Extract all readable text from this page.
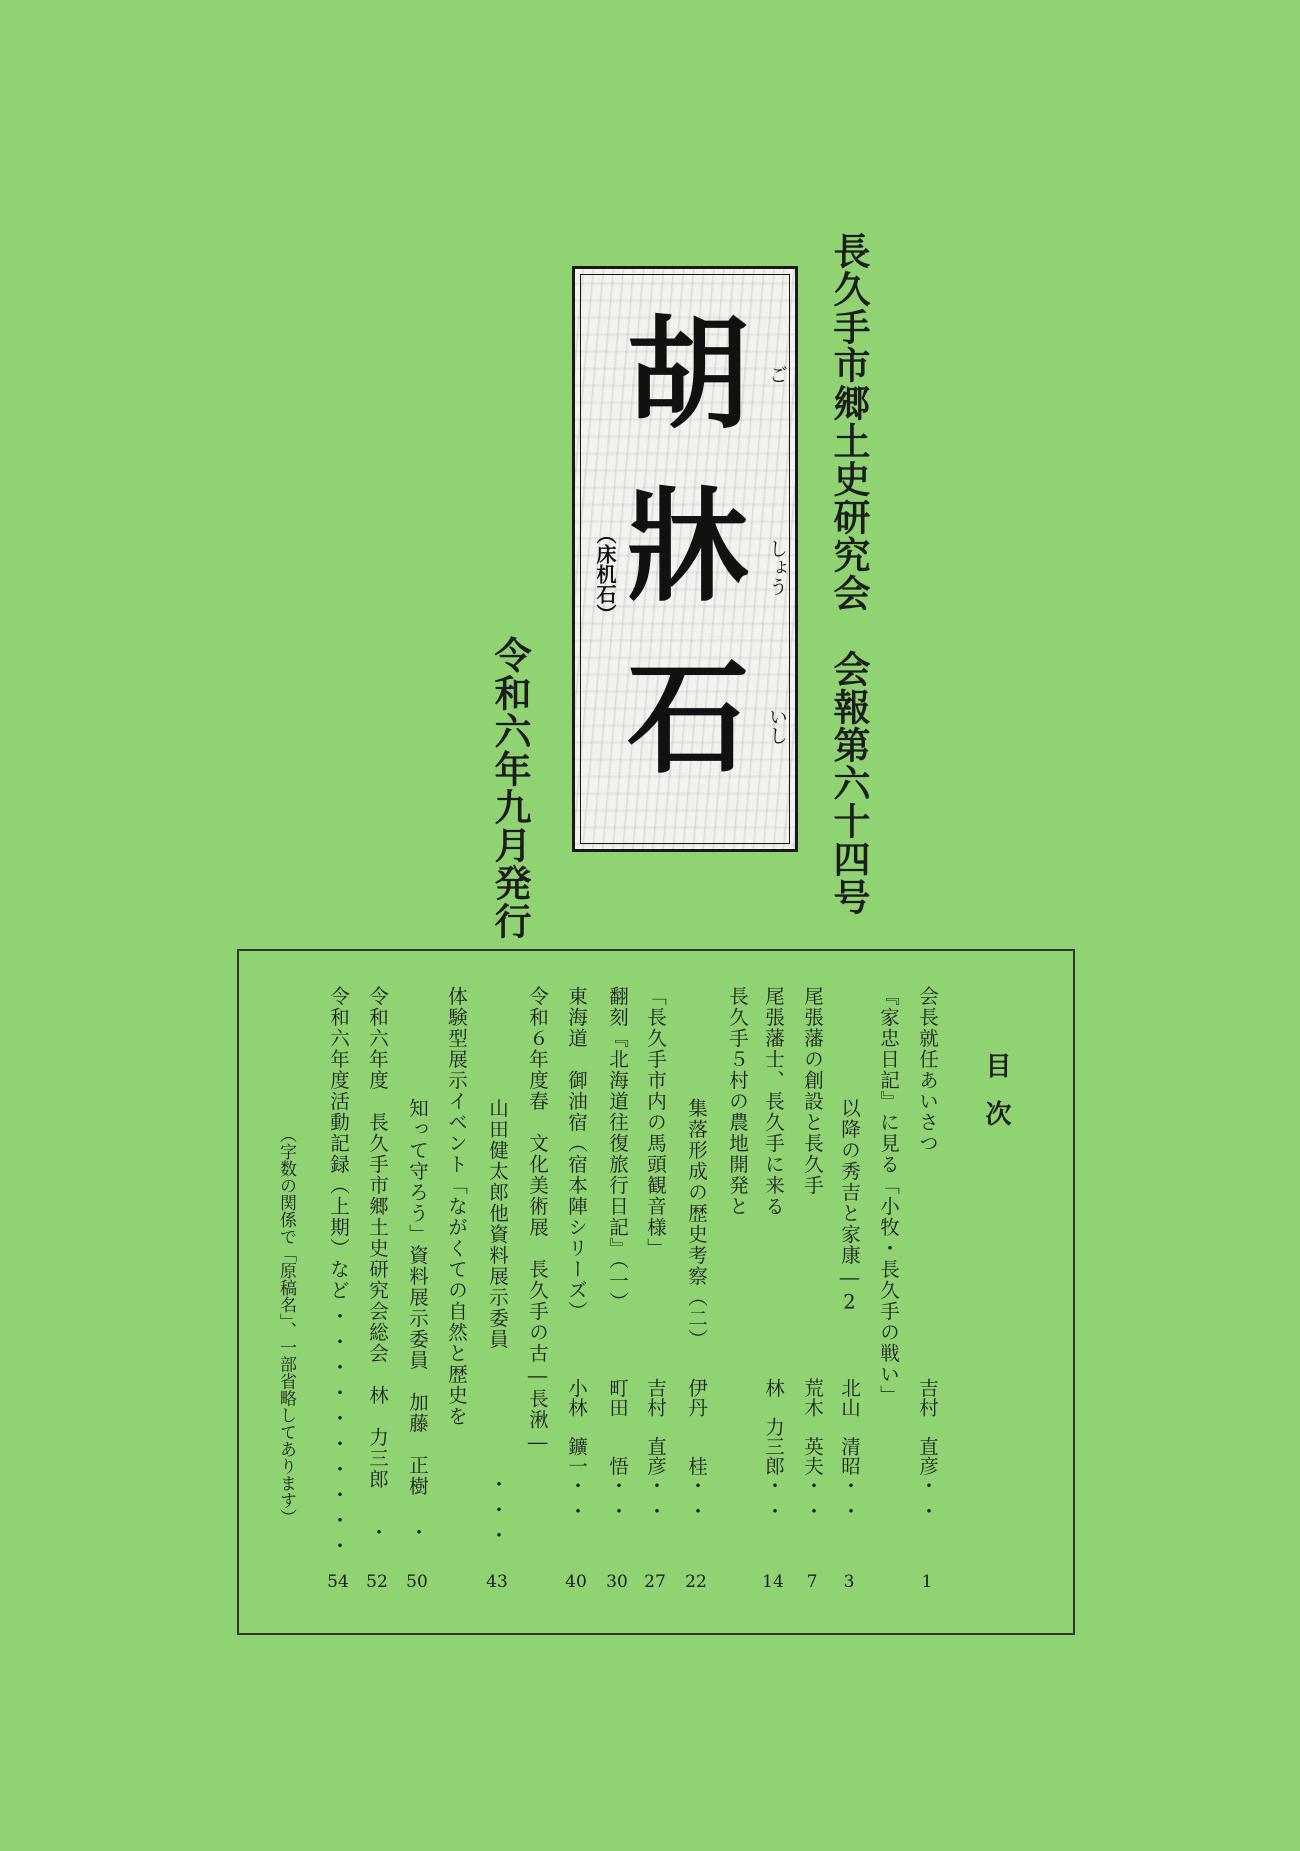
長久手市郷土史研究会　会報第六十四号
胡 ご
牀 しょう
石 いし
（床机石）
令和六年九月発行
目次
会長就任あいさつ
吉村　直彦・・
1
『家忠日記』に見る「小牧・長久手の戦い」
以降の秀吉と家康―2
北山　清昭・・
3
尾張藩の創設と長久手
荒木　英夫・・
7
尾張藩士、長久手に来る
林　力三郎・・
14
長久手５村の農地開発と
集落形成の歴史考察（二）
伊丹　　桂・・
22
「長久手市内の馬頭観音様」
吉村　直彦・・
27
翻刻『北海道往復旅行日記』（一）
町田　　悟・・
30
東海道　御油宿（宿本陣シリーズ）
小林　鑛一・・
40
令和６年度春　文化美術展　長久手の古―長湫―
山田健太郎他資料展示委員
・・・
43
体験型展示イベント「ながくての自然と歴史を
知って守ろう」資料展示委員　加藤　正樹
・
50
令和六年度　長久手市郷土史研究会総会　林　力三郎
・
52
令和六年度活動記録（上期）など
・・・・・・・・・・
54
（字数の関係で「原稿名」、一部省略してあります）
